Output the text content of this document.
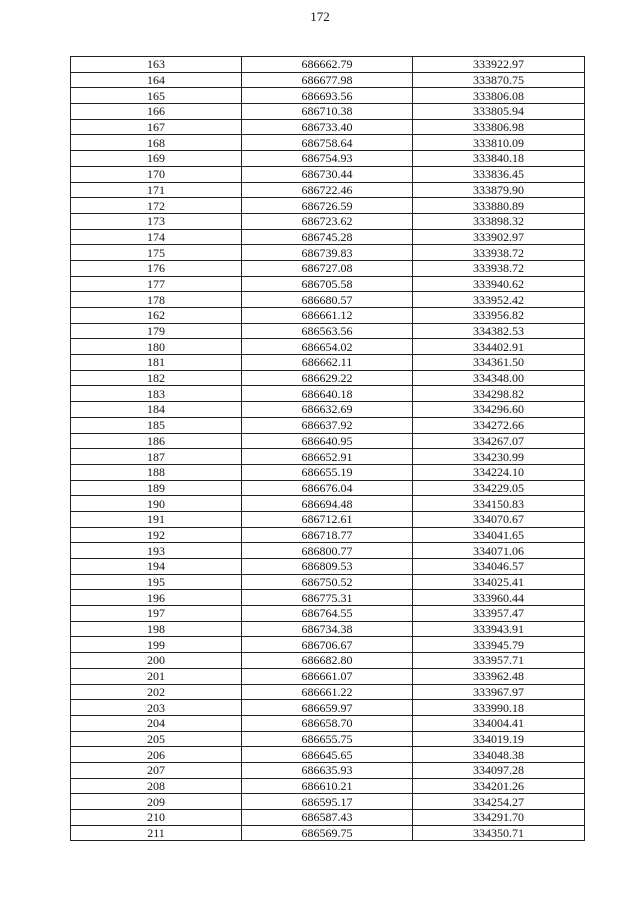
172
163	686662.79	333922.97
164	686677.98	333870.75
165	686693.56	333806.08
166	686710.38	333805.94
167	686733.40	333806.98
168	686758.64	333810.09
169	686754.93	333840.18
170	686730.44	333836.45
171	686722.46	333879.90
172	686726.59	333880.89
173	686723.62	333898.32
174	686745.28	333902.97
175	686739.83	333938.72
176	686727.08	333938.72
177	686705.58	333940.62
178	686680.57	333952.42
162	686661.12	333956.82
179	686563.56	334382.53
180	686654.02	334402.91
181	686662.11	334361.50
182	686629.22	334348.00
183	686640.18	334298.82
184	686632.69	334296.60
185	686637.92	334272.66
186	686640.95	334267.07
187	686652.91	334230.99
188	686655.19	334224.10
189	686676.04	334229.05
190	686694.48	334150.83
191	686712.61	334070.67
192	686718.77	334041.65
193	686800.77	334071.06
194	686809.53	334046.57
195	686750.52	334025.41
196	686775.31	333960.44
197	686764.55	333957.47
198	686734.38	333943.91
199	686706.67	333945.79
200	686682.80	333957.71
201	686661.07	333962.48
202	686661.22	333967.97
203	686659.97	333990.18
204	686658.70	334004.41
205	686655.75	334019.19
206	686645.65	334048.38
207	686635.93	334097.28
208	686610.21	334201.26
209	686595.17	334254.27
210	686587.43	334291.70
211	686569.75	334350.71
